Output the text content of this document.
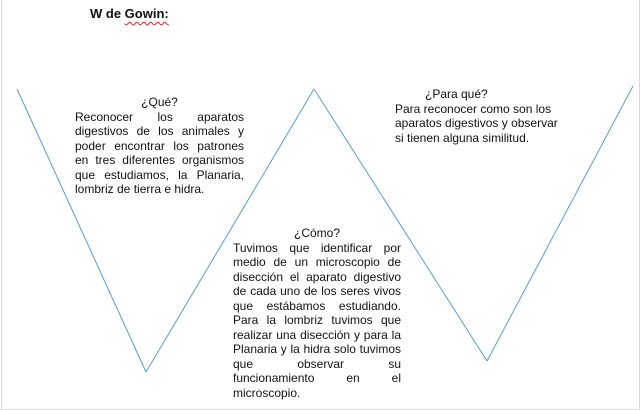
W de Gowin:
¿Qué?
Reconocer los aparatos digestivos de los animales y poder encontrar los patrones en tres diferentes organismos que estudiamos, la Planaria, lombriz de tierra e hidra.
¿Para qué?
Para reconocer como son los aparatos digestivos y observar si tienen alguna similitud.
¿Cómo?
Tuvimos que identificar por medio de un microscopio de disección el aparato digestivo de cada uno de los seres vivos que estábamos estudiando. Para la lombriz tuvimos que realizar una disección y para la Planaria y la hidra solo tuvimos que observar su funcionamiento en el microscopio.
